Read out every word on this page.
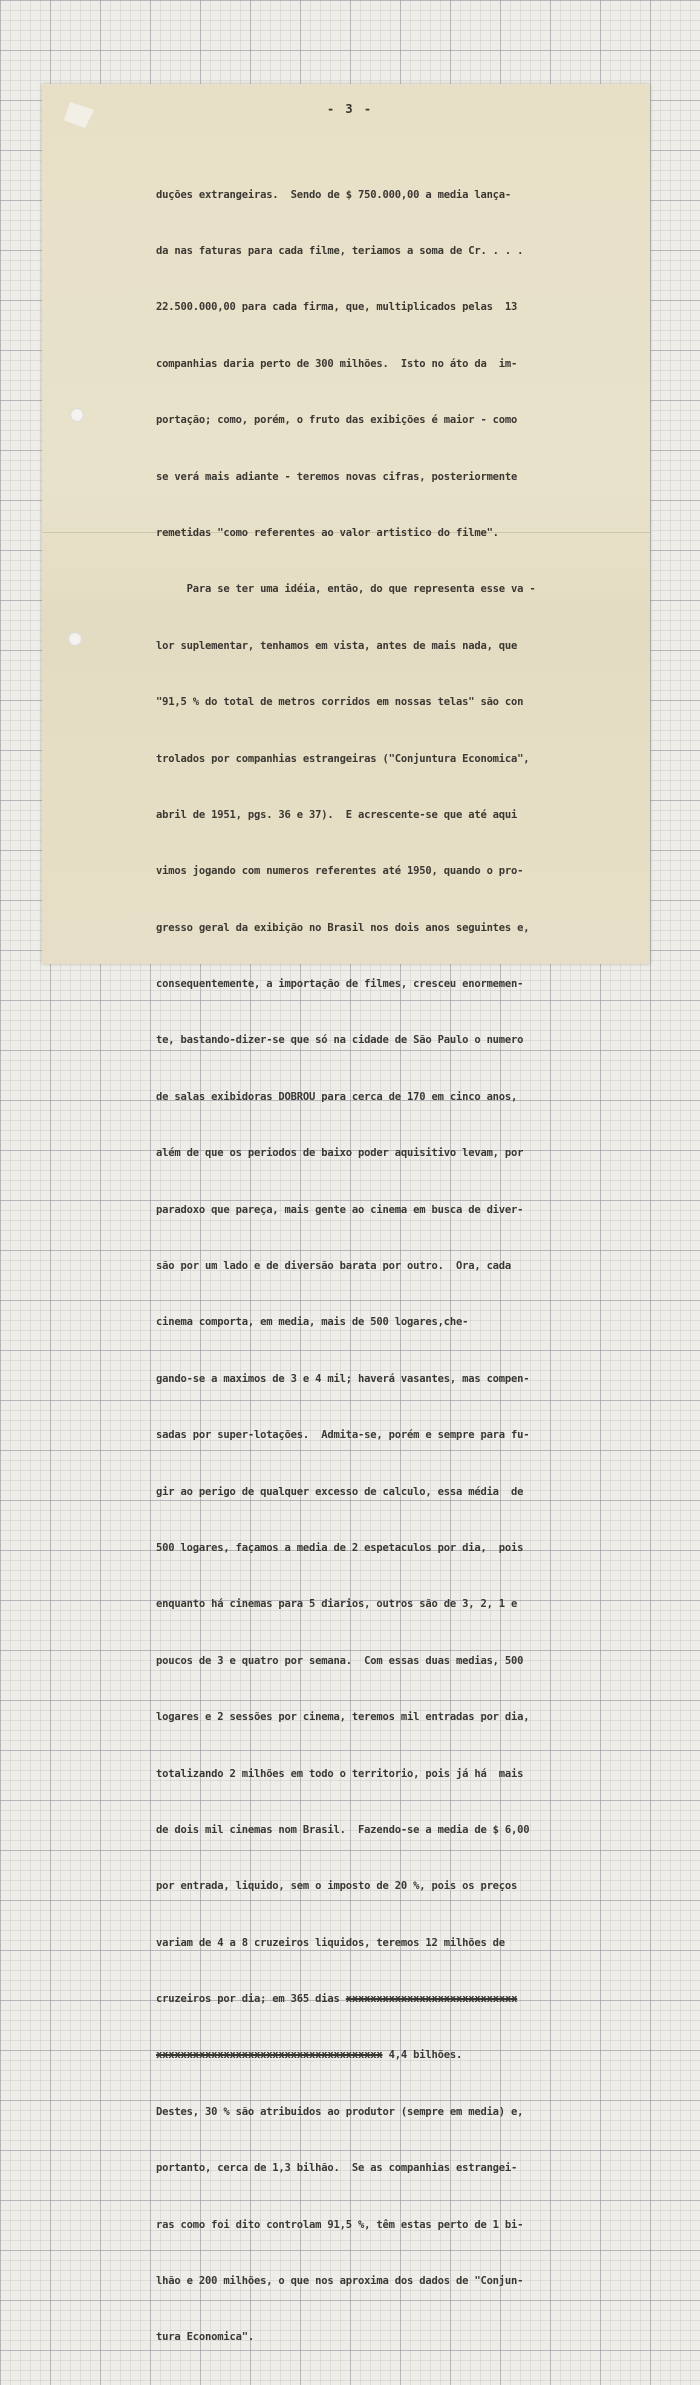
- 3 -

duções extrangeiras.  Sendo de $ 750.000,00 a media lança-

da nas faturas para cada filme, teriamos a soma de Cr. . . .

22.500.000,00 para cada firma, que, multiplicados pelas  13

companhias daria perto de 300 milhões.  Isto no áto da  im-

portação; como, porém, o fruto das exibições é maior - como

se verá mais adiante - teremos novas cifras, posteriormente

remetidas "como referentes ao valor artistico do filme".

Para se ter uma idéia, então, do que representa esse va -

lor suplementar, tenhamos em vista, antes de mais nada, que

"91,5 % do total de metros corridos em nossas telas" são con

trolados por companhias estrangeiras ("Conjuntura Economica",

abril de 1951, pgs. 36 e 37).  E acrescente-se que até aqui

vimos jogando com numeros referentes até 1950, quando o pro-

gresso geral da exibição no Brasil nos dois anos seguintes e,

consequentemente, a importação de filmes, cresceu enormemen-

te, bastando-dizer-se que só na cidade de São Paulo o numero

de salas exibidoras DOBROU para cerca de 170 em cinco anos,

além de que os periodos de baixo poder aquisitivo levam, por

paradoxo que pareça, mais gente ao cinema em busca de diver-

são por um lado e de diversão barata por outro.  Ora, cada

cinema comporta, em media, mais de 500 logares,che-

gando-se a maximos de 3 e 4 mil; haverá vasantes, mas compen-

sadas por super-lotações.  Admita-se, porém e sempre para fu-

gir ao perigo de qualquer excesso de calculo, essa média  de

500 logares, façamos a media de 2 espetaculos por dia,  pois

enquanto há cinemas para 5 diarios, outros são de 3, 2, 1 e

poucos de 3 e quatro por semana.  Com essas duas medias, 500

logares e 2 sessões por cinema, teremos mil entradas por dia,

totalizando 2 milhões em todo o territorio, pois já há  mais

de dois mil cinemas nom Brasil.  Fazendo-se a media de $ 6,00

por entrada, liquido, sem o imposto de 20 %, pois os preços

variam de 4 a 8 cruzeiros liquidos, teremos 12 milhões de

cruzeiros por dia; em 365 dias xxxxxxxxxxxxxxxxxxxxxxxxxxxx

xxxxxxxxxxxxxxxxxxxxxxxxxxxxxxxxxxxxx 4,4 bilhões.

Destes, 30 % são atribuidos ao produtor (sempre em media) e,

portanto, cerca de 1,3 bilhão.  Se as companhias estrangei-

ras como foi dito controlam 91,5 %, têm estas perto de 1 bi-

lhão e 200 milhões, o que nos aproxima dos dados de "Conjun-

tura Economica".
